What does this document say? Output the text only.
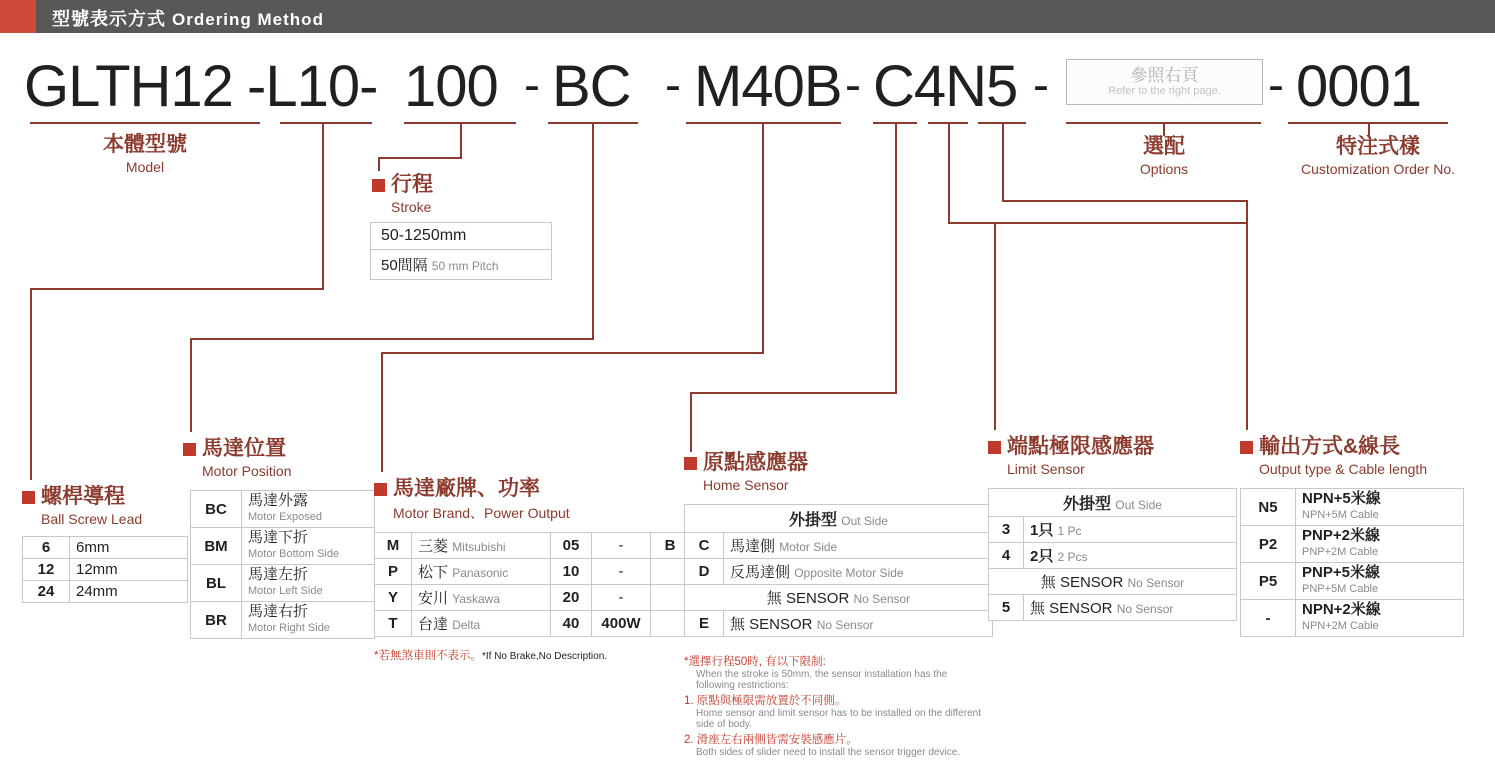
型號表示方式 Ordering Method
GLTH12 -L10- 100 - BC - M40B - C4N5 -	- 0001
參照右頁
Refer to the right page.
本體型號
Model
行程
Stroke
選配
Options
特注式樣
Customization Order No.
50-1250mm
50間隔 50 mm Pitch
螺桿導程
Ball Screw Lead
6	6mm
12	12mm
24	24mm
馬達位置
Motor Position
BC	馬達外露
Motor Exposed
BM	馬達下折
Motor Bottom Side
BL	馬達左折
Motor Left Side
BR	馬達右折
Motor Right Side
馬達廠牌、功率
Motor Brand、Power Output
M	三菱 Mitsubishi	05	-	B
P	松下 Panasonic	10	-	
Y	安川 Yaskawa	20	-	
T	台達 Delta	40	400W	
*若無煞車則不表示。*If No Brake,No Description.
原點感應器
Home Sensor
外掛型 Out Side	
C	馬達側 Motor Side
D	反馬達側 Opposite Motor Side
無 SENSOR No Sensor	
E	無 SENSOR No Sensor
*選擇行程50時, 有以下限制:
When the stroke is 50mm, the sensor installation has the following restrictions:
1. 原點與極限需放置於不同側。
Home sensor and limit sensor has to be installed on the different side of body.
2. 滑座左右兩側皆需安裝感應片。
Both sides of slider need to install the sensor trigger device.
端點極限感應器
Limit Sensor
外掛型 Out Side	
3	1只 1 Pc
4	2只 2 Pcs
無 SENSOR No Sensor	
5	無 SENSOR No Sensor
輸出方式&線長
Output type & Cable length
N5	NPN+5米線
NPN+5M Cable
P2	PNP+2米線
PNP+2M Cable
P5	PNP+5米線
PNP+5M Cable
-	NPN+2米線
NPN+2M Cable
